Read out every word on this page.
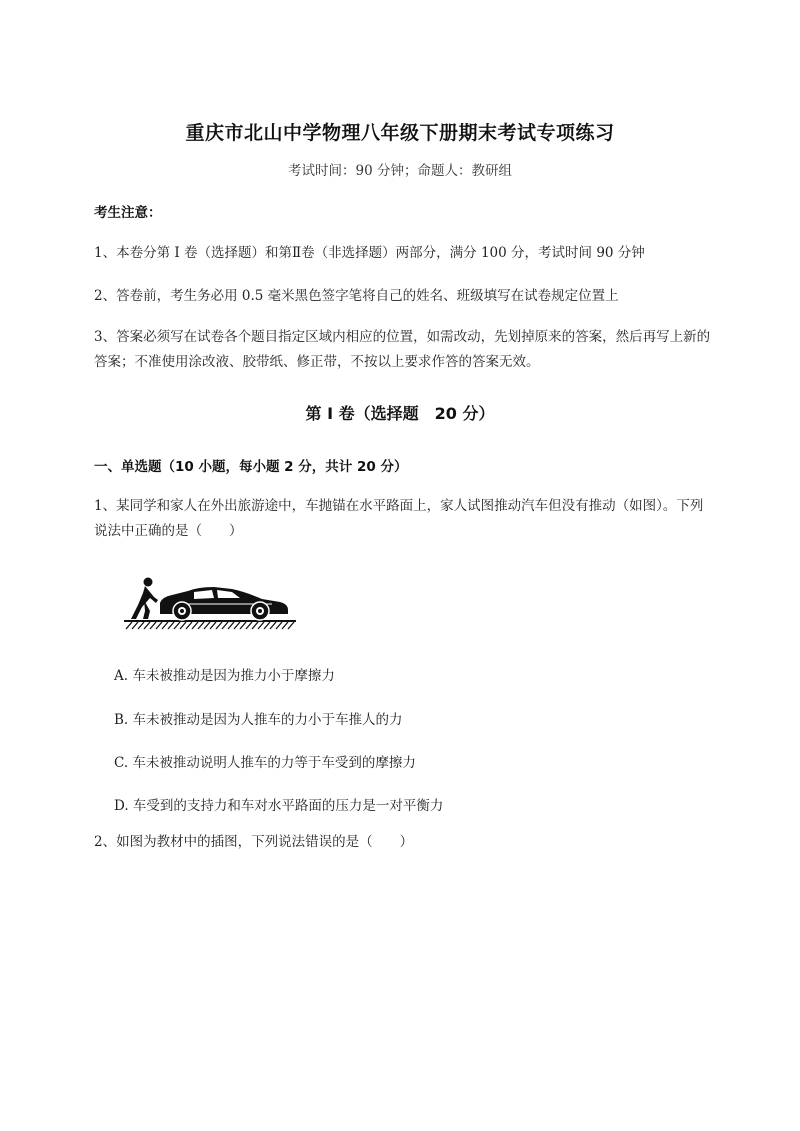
重庆市北山中学物理八年级下册期末考试专项练习
考试时间：90 分钟；命题人：教研组
考生注意：
1、本卷分第 I 卷（选择题）和第Ⅱ卷（非选择题）两部分，满分 100 分，考试时间 90 分钟
2、答卷前，考生务必用 0.5 毫米黑色签字笔将自己的姓名、班级填写在试卷规定位置上
3、答案必须写在试卷各个题目指定区域内相应的位置，如需改动，先划掉原来的答案，然后再写上新的答案；不准使用涂改液、胶带纸、修正带，不按以上要求作答的答案无效。
第 I 卷（选择题　20 分）
一、单选题（10 小题，每小题 2 分，共计 20 分）
1、某同学和家人在外出旅游途中，车抛锚在水平路面上，家人试图推动汽车但没有推动（如图）。下列说法中正确的是（　　）
A. 车未被推动是因为推力小于摩擦力
B. 车未被推动是因为人推车的力小于车推人的力
C. 车未被推动说明人推车的力等于车受到的摩擦力
D. 车受到的支持力和车对水平路面的压力是一对平衡力
2、如图为教材中的插图，下列说法错误的是（　　）
